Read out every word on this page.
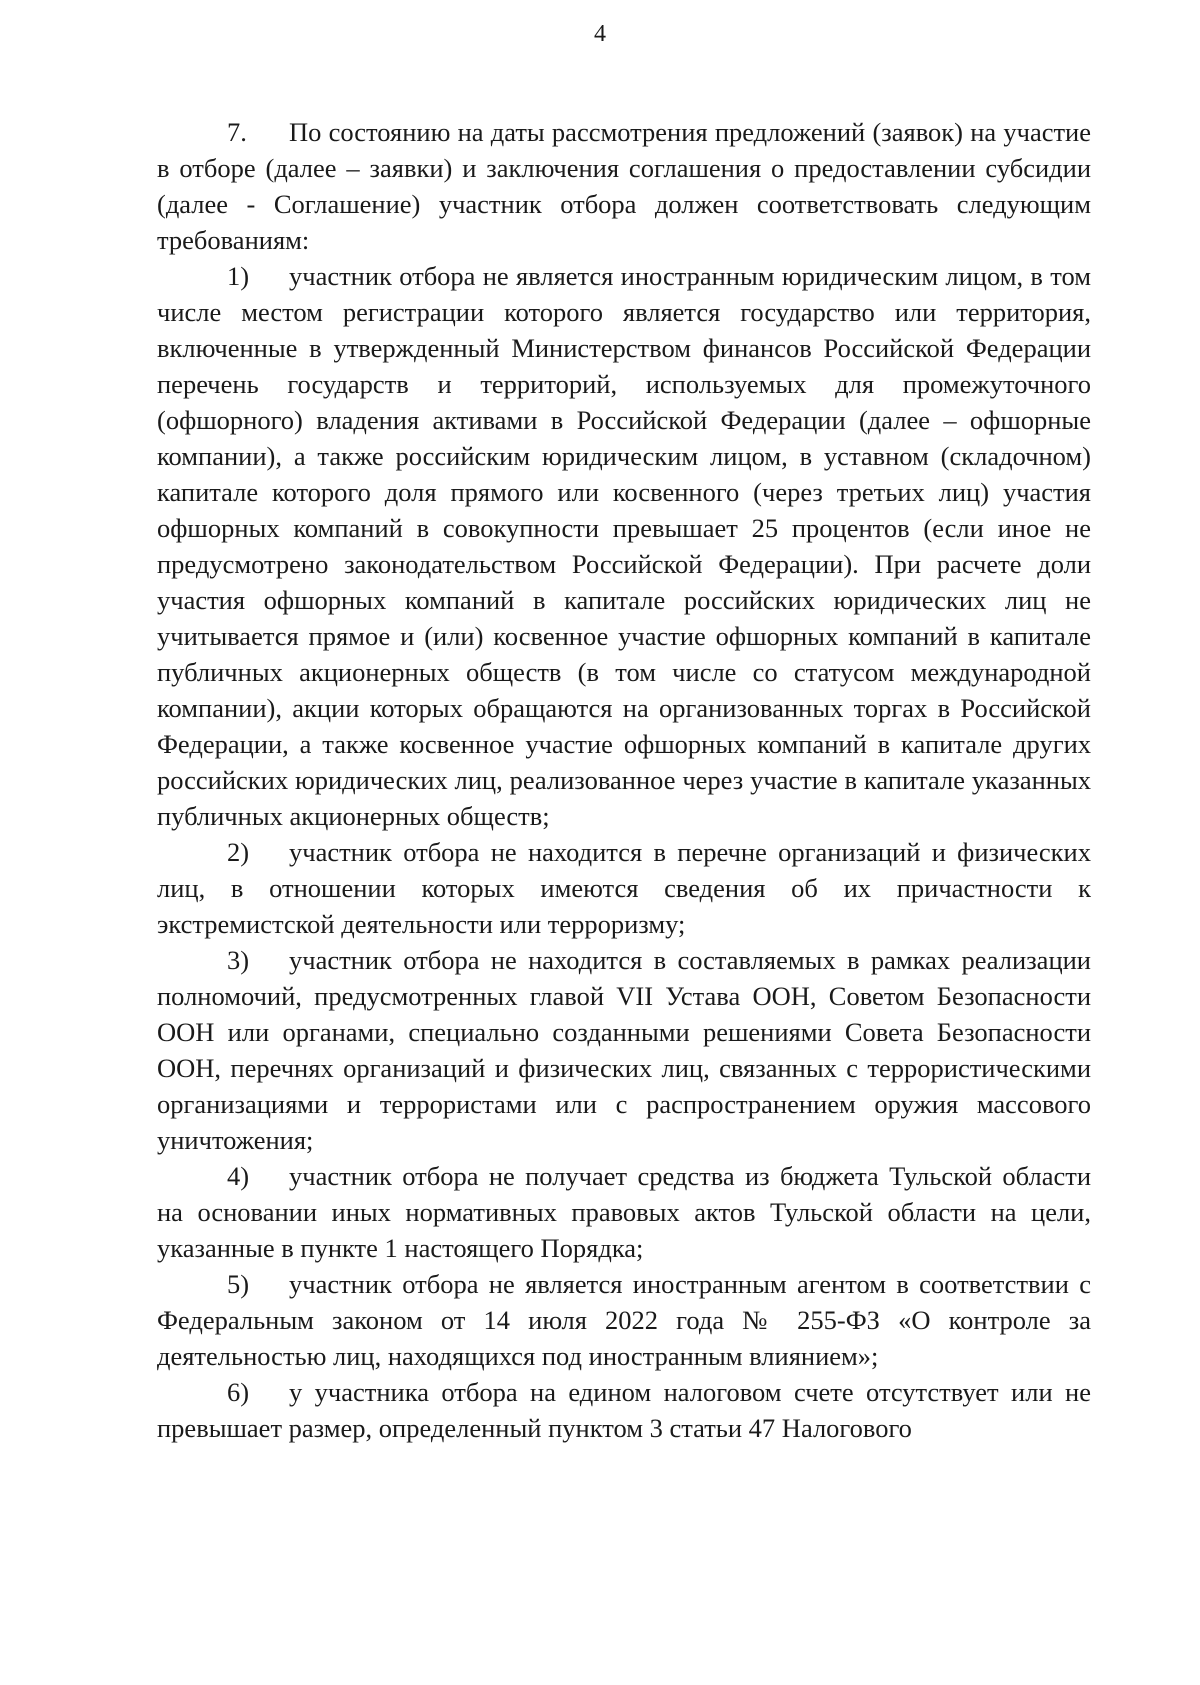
4

7. По состоянию на даты рассмотрения предложений (заявок) на участие в отборе (далее – заявки) и заключения соглашения о предоставлении субсидии (далее - Соглашение) участник отбора должен соответствовать следующим требованиям:

1) участник отбора не является иностранным юридическим лицом, в том числе местом регистрации которого является государство или территория, включенные в утвержденный Министерством финансов Российской Федерации перечень государств и территорий, используемых для промежуточного (офшорного) владения активами в Российской Федерации (далее – офшорные компании), а также российским юридическим лицом, в уставном (складочном) капитале которого доля прямого или косвенного (через третьих лиц) участия офшорных компаний в совокупности превышает 25 процентов (если иное не предусмотрено законодательством Российской Федерации). При расчете доли участия офшорных компаний в капитале российских юридических лиц не учитывается прямое и (или) косвенное участие офшорных компаний в капитале публичных акционерных обществ (в том числе со статусом международной компании), акции которых обращаются на организованных торгах в Российской Федерации, а также косвенное участие офшорных компаний в капитале других российских юридических лиц, реализованное через участие в капитале указанных публичных акционерных обществ;

2) участник отбора не находится в перечне организаций и физических лиц, в отношении которых имеются сведения об их причастности к экстремистской деятельности или терроризму;

3) участник отбора не находится в составляемых в рамках реализации полномочий, предусмотренных главой VII Устава ООН, Советом Безопасности ООН или органами, специально созданными решениями Совета Безопасности ООН, перечнях организаций и физических лиц, связанных с террористическими организациями и террористами или с распространением оружия массового уничтожения;

4) участник отбора не получает средства из бюджета Тульской области на основании иных нормативных правовых актов Тульской области на цели, указанные в пункте 1 настоящего Порядка;

5) участник отбора не является иностранным агентом в соответствии с Федеральным законом от 14 июля 2022 года № 255-ФЗ «О контроле за деятельностью лиц, находящихся под иностранным влиянием»;

6) у участника отбора на едином налоговом счете отсутствует или не превышает размер, определенный пунктом 3 статьи 47 Налогового
